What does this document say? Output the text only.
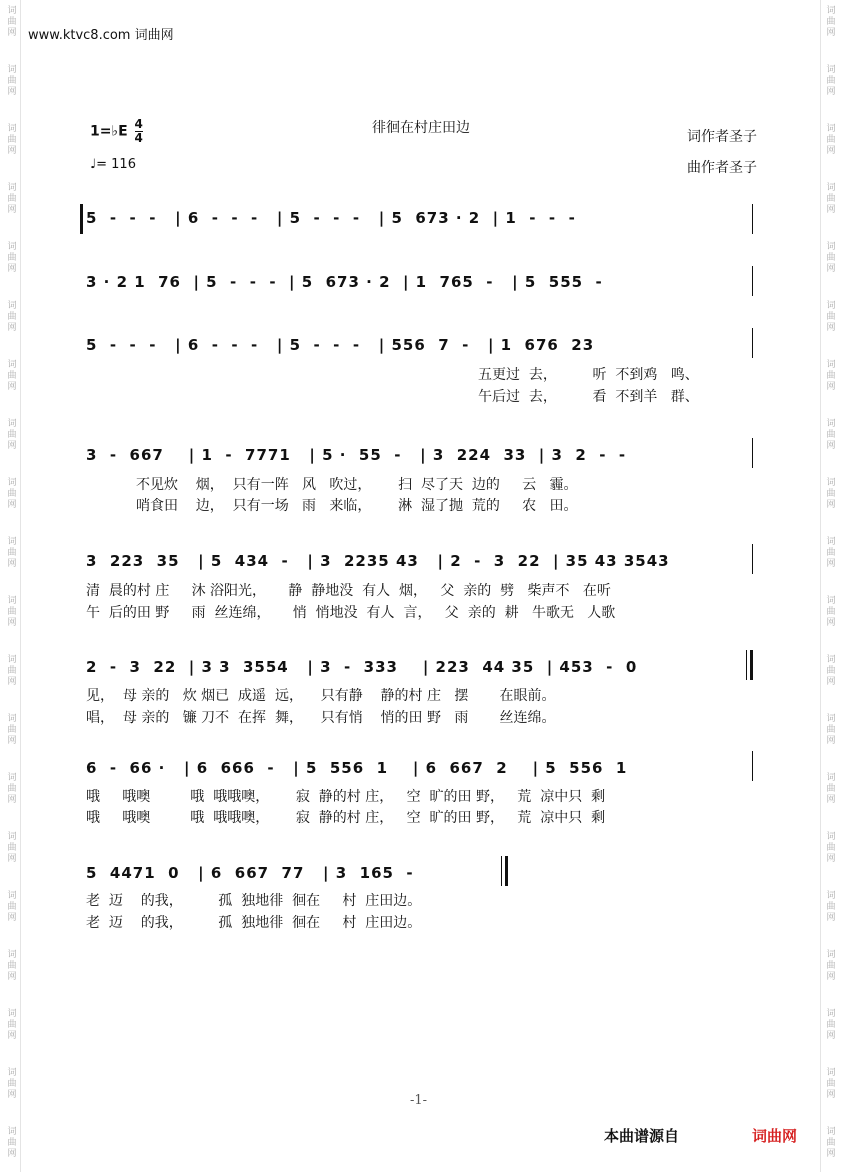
词曲网
词曲网
词曲网
词曲网
词曲网
词曲网
词曲网
词曲网
词曲网
词曲网
词曲网
词曲网
词曲网
词曲网
词曲网
词曲网
词曲网
词曲网
词曲网
词曲网
词曲网
词曲网
词曲网
词曲网
词曲网
词曲网
词曲网
词曲网
词曲网
词曲网
词曲网
词曲网
词曲网
词曲网
词曲网
词曲网
词曲网
词曲网
词曲网
词曲网
www.ktvc8.com 词曲网
1=♭E $\frac{4}{4}$
♩= 116
徘徊在村庄田边
词作者圣子
曲作者圣子
5  -  -  -   | 6  -  -  -   | 5  -  -  -   | 5  673 · 2  | 1  -  -  -
3 · 2 1  76  | 5  -  -  -  | 5  673 · 2  | 1  765  -   | 5  555  -
5  -  -  -   | 6  -  -  -   | 5  -  -  -   | 556  7  -   | 1  676  23
五更过  去，        听  不到鸡   鸣、
午后过  去，        看  不到羊   群、
3  -  667    | 1  -  7771   | 5 ·  55  -   | 3  224  33  | 3  2  -  -
不见炊    烟，  只有一阵   风   吹过，      扫  尽了天  边的     云   霾。
哨食田    边，  只有一场   雨   来临，      淋  湿了抛  荒的     农   田。
3  223  35   | 5  434  -   | 3  2235 43   | 2  -  3  22  | 35 43 3543
清  晨的村 庄     沐 浴阳光，     静  静地没  有人  烟，   父  亲的  劈   柴声不   在听
午  后的田 野     雨  丝连绵，     悄  悄地没  有人  言，   父  亲的  耕   牛歌无   人歌
2  -  3  22  | 3 3  3554   | 3  -  333    | 223  44 35  | 453  -  0
见，  母 亲的   炊 烟已  成遥  远，    只有静    静的村 庄   摆       在眼前。
唱，  母 亲的   镰 刀不  在挥  舞，    只有悄    悄的田 野   雨       丝连绵。
6  -  66 ·   | 6  666  -   | 5  556  1    | 6  667  2    | 5  556  1
哦     哦噢         哦  哦哦噢，      寂  静的村 庄，   空  旷的田 野，   荒  凉中只  剩
哦     哦噢         哦  哦哦噢，      寂  静的村 庄，   空  旷的田 野，   荒  凉中只  剩
5  4471  0   | 6  667  77   | 3  165  -
老  迈    的我，        孤  独地徘  徊在     村  庄田边。
老  迈    的我，        孤  独地徘  徊在     村  庄田边。
-1-
本曲谱源自	词曲网
